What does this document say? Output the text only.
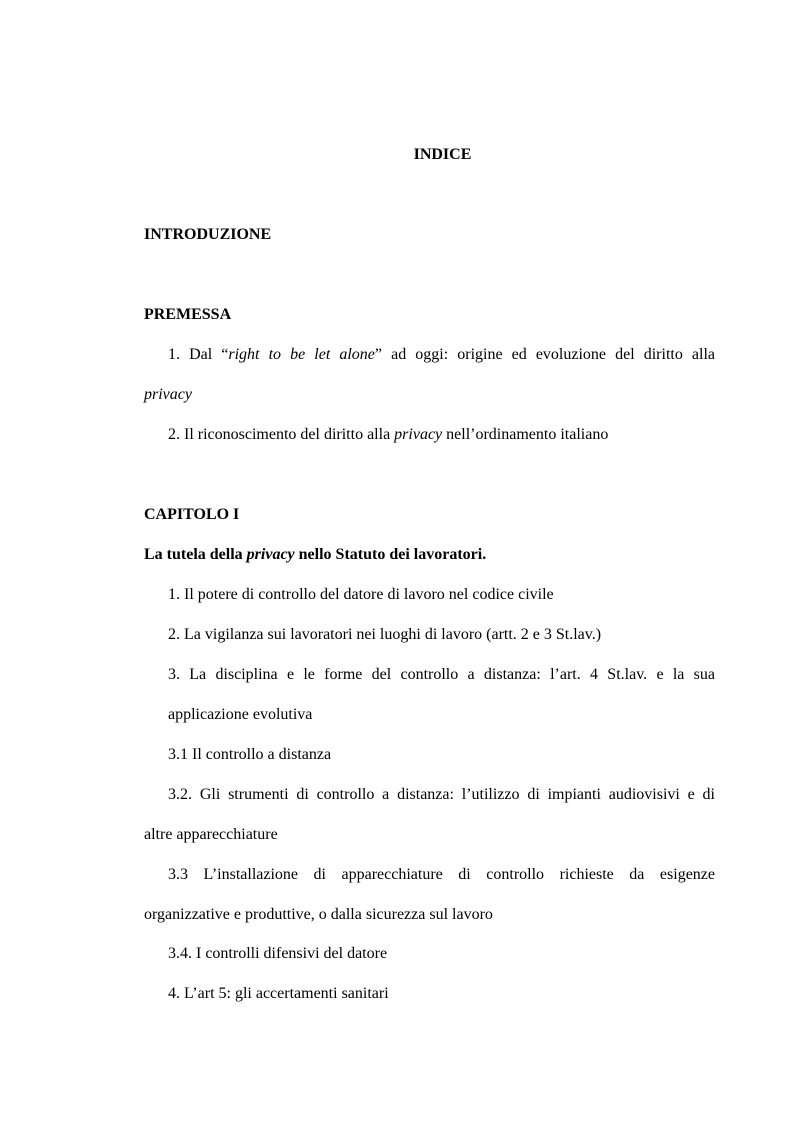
INDICE
INTRODUZIONE
PREMESSA
1. Dal “right to be let alone” ad oggi: origine ed evoluzione del diritto alla
privacy
2. Il riconoscimento del diritto alla privacy nell’ordinamento italiano
CAPITOLO I
La tutela della privacy nello Statuto dei lavoratori.
1. Il potere di controllo del datore di lavoro nel codice civile
2. La vigilanza sui lavoratori nei luoghi di lavoro (artt. 2 e 3 St.lav.)
3. La disciplina e le forme del controllo a distanza: l’art. 4 St.lav. e la sua
applicazione evolutiva
3.1 Il controllo a distanza
3.2. Gli strumenti di controllo a distanza: l’utilizzo di impianti audiovisivi e di
altre apparecchiature
3.3 L’installazione di apparecchiature di controllo richieste da esigenze
organizzative e produttive, o dalla sicurezza sul lavoro
3.4. I controlli difensivi del datore
4. L’art 5: gli accertamenti sanitari
